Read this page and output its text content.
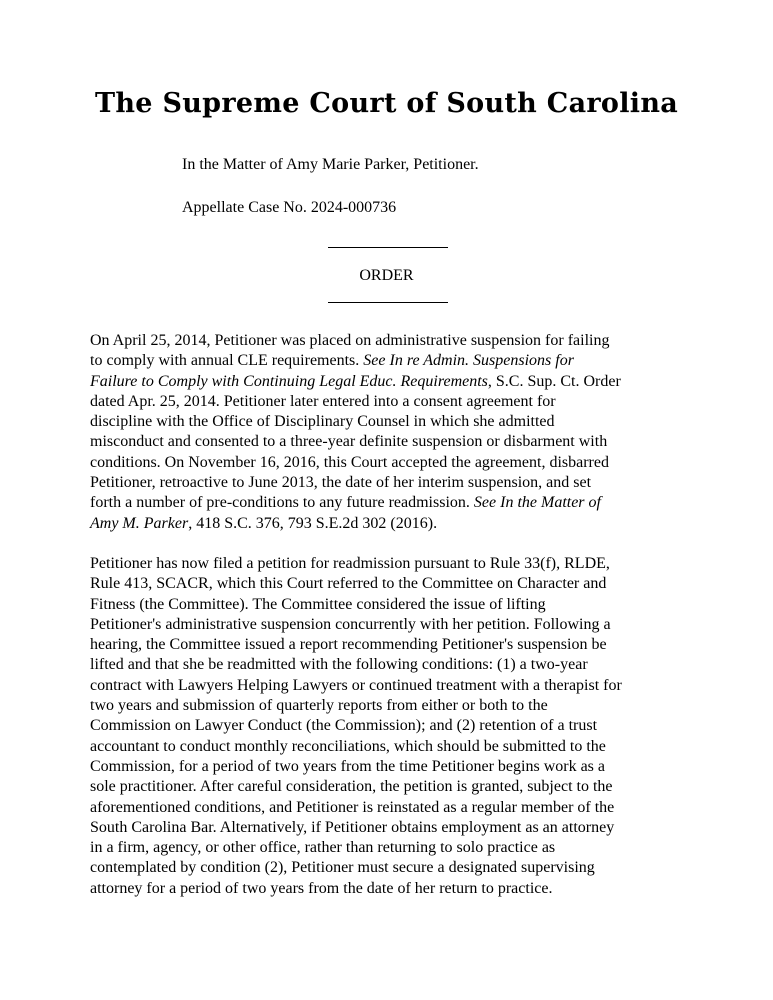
The Supreme Court of South Carolina

In the Matter of Amy Marie Parker, Petitioner.

Appellate Case No. 2024-000736

ORDER

On April 25, 2014, Petitioner was placed on administrative suspension for failing
to comply with annual CLE requirements. See In re Admin. Suspensions for
Failure to Comply with Continuing Legal Educ. Requirements, S.C. Sup. Ct. Order
dated Apr. 25, 2014. Petitioner later entered into a consent agreement for
discipline with the Office of Disciplinary Counsel in which she admitted
misconduct and consented to a three-year definite suspension or disbarment with
conditions. On November 16, 2016, this Court accepted the agreement, disbarred
Petitioner, retroactive to June 2013, the date of her interim suspension, and set
forth a number of pre-conditions to any future readmission. See In the Matter of
Amy M. Parker, 418 S.C. 376, 793 S.E.2d 302 (2016).
Petitioner has now filed a petition for readmission pursuant to Rule 33(f), RLDE,
Rule 413, SCACR, which this Court referred to the Committee on Character and
Fitness (the Committee). The Committee considered the issue of lifting
Petitioner's administrative suspension concurrently with her petition. Following a
hearing, the Committee issued a report recommending Petitioner's suspension be
lifted and that she be readmitted with the following conditions: (1) a two-year
contract with Lawyers Helping Lawyers or continued treatment with a therapist for
two years and submission of quarterly reports from either or both to the
Commission on Lawyer Conduct (the Commission); and (2) retention of a trust
accountant to conduct monthly reconciliations, which should be submitted to the
Commission, for a period of two years from the time Petitioner begins work as a
sole practitioner. After careful consideration, the petition is granted, subject to the
aforementioned conditions, and Petitioner is reinstated as a regular member of the
South Carolina Bar. Alternatively, if Petitioner obtains employment as an attorney
in a firm, agency, or other office, rather than returning to solo practice as
contemplated by condition (2), Petitioner must secure a designated supervising
attorney for a period of two years from the date of her return to practice.
